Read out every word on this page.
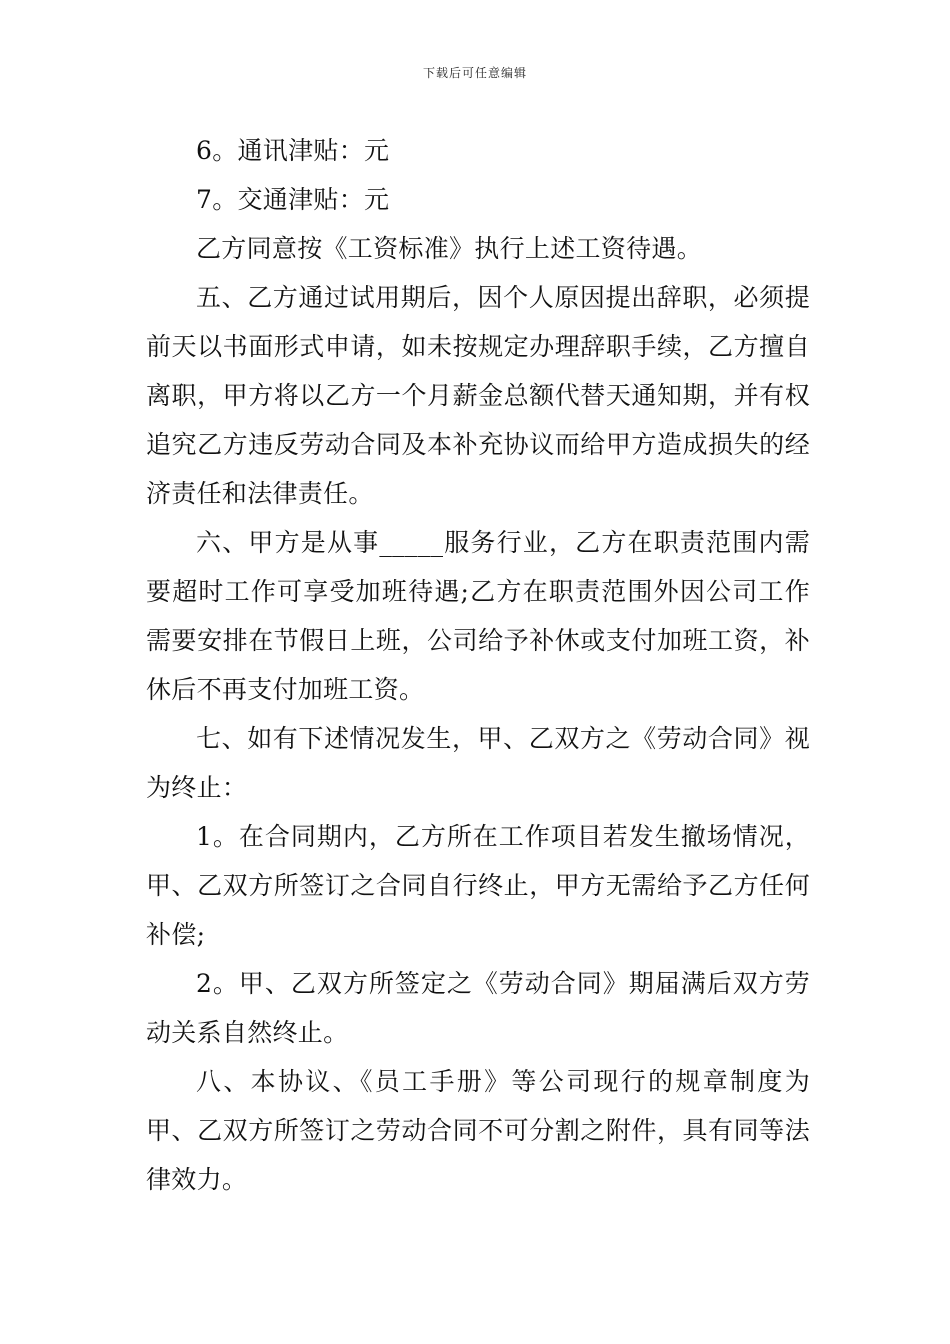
下载后可任意编辑

6。通讯津贴：元

7。交通津贴：元

乙方同意按《工资标准》执行上述工资待遇。

五、乙方通过试用期后，因个人原因提出辞职，必须提前天以书面形式申请，如未按规定办理辞职手续，乙方擅自离职，甲方将以乙方一个月薪金总额代替天通知期，并有权追究乙方违反劳动合同及本补充协议而给甲方造成损失的经济责任和法律责任。

六、甲方是从事_____服务行业，乙方在职责范围内需要超时工作可享受加班待遇;乙方在职责范围外因公司工作需要安排在节假日上班，公司给予补休或支付加班工资，补休后不再支付加班工资。

七、如有下述情况发生，甲、乙双方之《劳动合同》视为终止：

1。在合同期内，乙方所在工作项目若发生撤场情况，甲、乙双方所签订之合同自行终止，甲方无需给予乙方任何补偿;

2。甲、乙双方所签定之《劳动合同》期届满后双方劳动关系自然终止。

八、本协议、《员工手册》等公司现行的规章制度为甲、乙双方所签订之劳动合同不可分割之附件，具有同等法律效力。
